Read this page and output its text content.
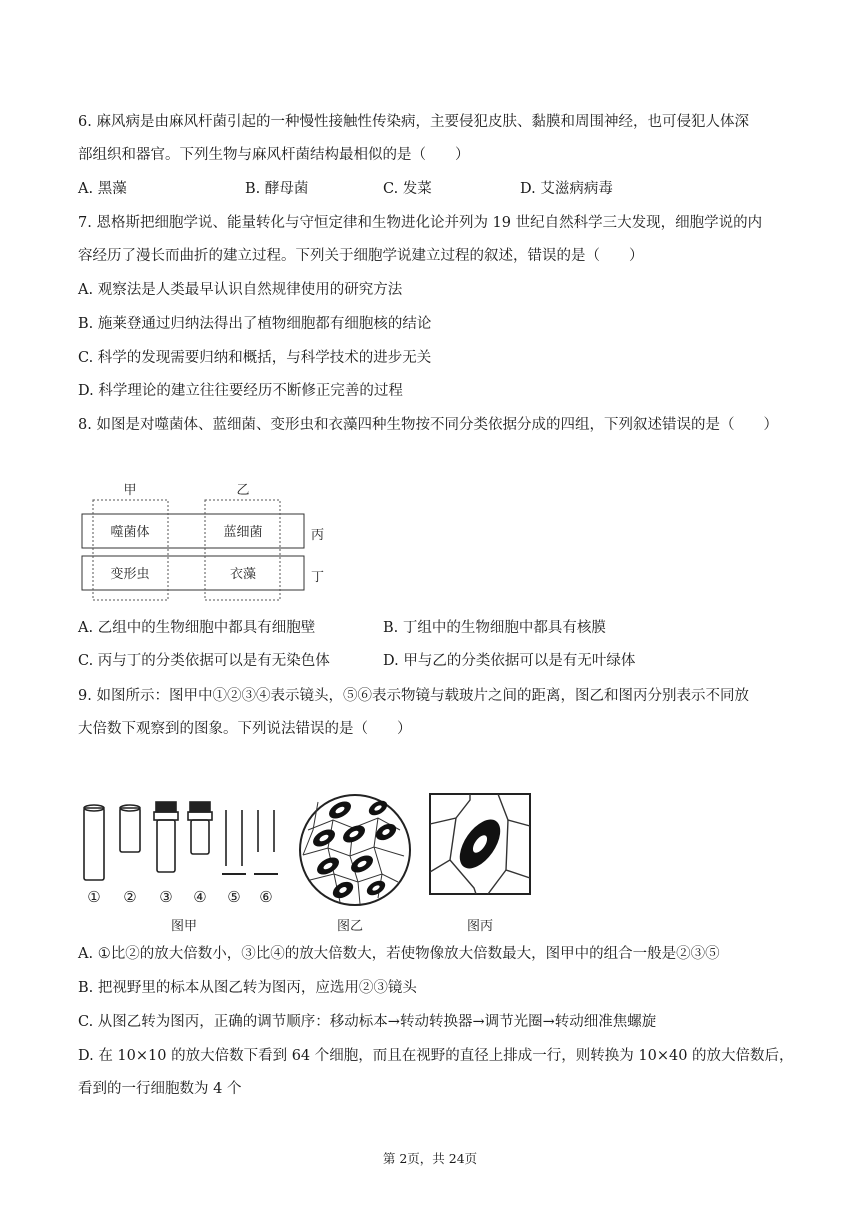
6. 麻风病是由麻风杆菌引起的一种慢性接触性传染病，主要侵犯皮肤、黏膜和周围神经，也可侵犯人体深
部组织和器官。下列生物与麻风杆菌结构最相似的是（　　）
A. 黑藻	B. 酵母菌	C. 发菜	D. 艾滋病病毒
7. 恩格斯把细胞学说、能量转化与守恒定律和生物进化论并列为 19 世纪自然科学三大发现，细胞学说的内
容经历了漫长而曲折的建立过程。下列关于细胞学说建立过程的叙述，错误的是（　　）
A. 观察法是人类最早认识自然规律使用的研究方法
B. 施莱登通过归纳法得出了植物细胞都有细胞核的结论
C. 科学的发现需要归纳和概括，与科学技术的进步无关
D. 科学理论的建立往往要经历不断修正完善的过程
8. 如图是对噬菌体、蓝细菌、变形虫和衣藻四种生物按不同分类依据分成的四组，下列叙述错误的是（　　）
甲	乙
丙
丁
噬菌体	蓝细菌
变形虫	衣藻
A. 乙组中的生物细胞中都具有细胞壁	B. 丁组中的生物细胞中都具有核膜
C. 丙与丁的分类依据可以是有无染色体	D. 甲与乙的分类依据可以是有无叶绿体
9. 如图所示：图甲中①②③④表示镜头，⑤⑥表示物镜与载玻片之间的距离，图乙和图丙分别表示不同放
大倍数下观察到的图象。下列说法错误的是（　　）
① ② ③ ④ ⑤ ⑥
图甲	图乙	图丙
A. ①比②的放大倍数小，③比④的放大倍数大，若使物像放大倍数最大，图甲中的组合一般是②③⑤
B. 把视野里的标本从图乙转为图丙，应选用②③镜头
C. 从图乙转为图丙，正确的调节顺序：移动标本→转动转换器→调节光圈→转动细准焦螺旋
D. 在 10×10 的放大倍数下看到 64 个细胞，而且在视野的直径上排成一行，则转换为 10×40 的放大倍数后，
看到的一行细胞数为 4 个
第 2页，共 24页
